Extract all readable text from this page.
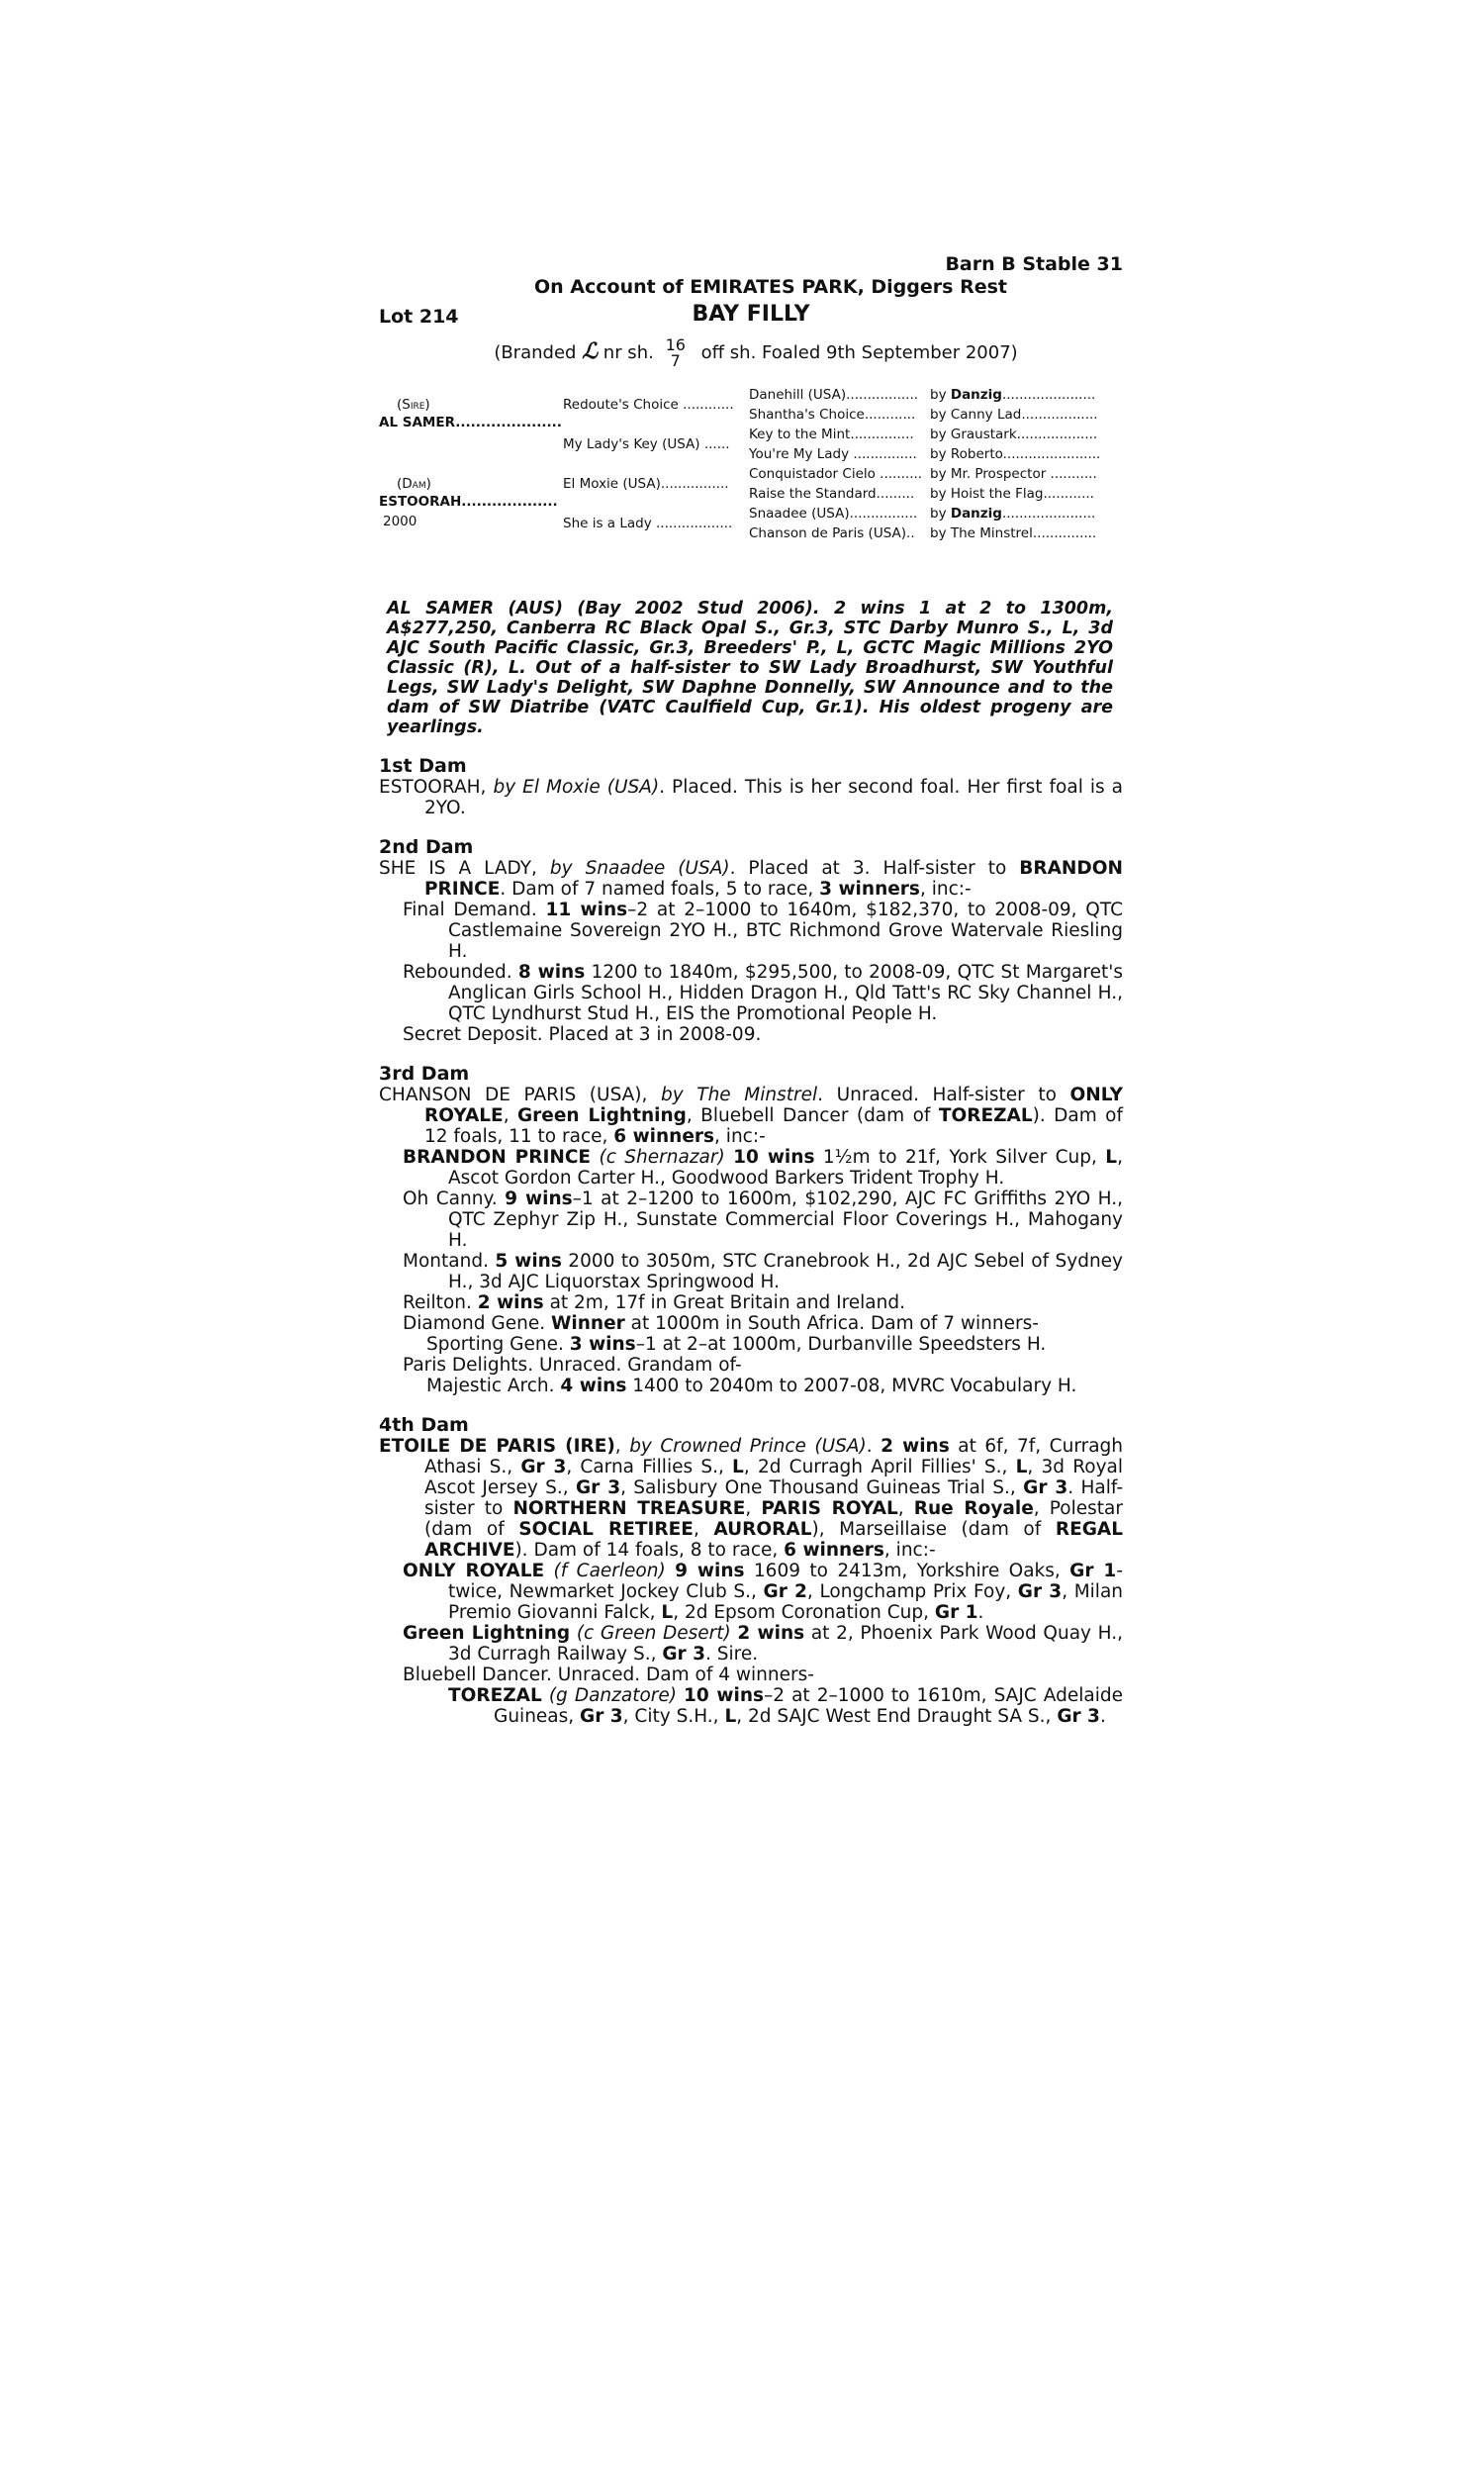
Barn B Stable 31
On Account of EMIRATES PARK, Diggers Rest
Lot 214	BAY FILLY
(Branded ℒ nr sh. 16
7 off sh. Foaled 9th September 2007)
(Sire)
AL SAMER.....................
(Dam)
ESTOORAH...................
2000
Redoute's Choice ............
My Lady's Key (USA) ......
El Moxie (USA)................
She is a Lady ..................
Danehill (USA).................
Shantha's Choice............
Key to the Mint...............
You're My Lady ...............
Conquistador Cielo ..........
Raise the Standard.........
Snaadee (USA)................
Chanson de Paris (USA)..
by Danzig......................
by Canny Lad..................
by Graustark...................
by Roberto.......................
by Mr. Prospector ...........
by Hoist the Flag............
by Danzig......................
by The Minstrel...............
AL SAMER (AUS) (Bay 2002 Stud 2006). 2 wins 1 at 2 to 1300m, A$277,250, Canberra RC Black Opal S., Gr.3, STC Darby Munro S., L, 3d AJC South Pacific Classic, Gr.3, Breeders' P., L, GCTC Magic Millions 2YO Classic (R), L. Out of a half-sister to SW Lady Broadhurst, SW Youthful Legs, SW Lady's Delight, SW Daphne Donnelly, SW Announce and to the dam of SW Diatribe (VATC Caulfield Cup, Gr.1). His oldest progeny are yearlings.
1st Dam

ESTOORAH, by El Moxie (USA). Placed. This is her second foal. Her first foal is a 2YO.

2nd Dam

SHE IS A LADY, by Snaadee (USA). Placed at 3. Half-sister to BRANDON PRINCE. Dam of 7 named foals, 5 to race, 3 winners, inc:-

Final Demand. 11 wins–2 at 2–1000 to 1640m, $182,370, to 2008-09, QTC Castlemaine Sovereign 2YO H., BTC Richmond Grove Watervale Riesling H.

Rebounded. 8 wins 1200 to 1840m, $295,500, to 2008-09, QTC St Margaret's Anglican Girls School H., Hidden Dragon H., Qld Tatt's RC Sky Channel H., QTC Lyndhurst Stud H., EIS the Promotional People H.

Secret Deposit. Placed at 3 in 2008-09.

3rd Dam

CHANSON DE PARIS (USA), by The Minstrel. Unraced. Half-sister to ONLY ROYALE, Green Lightning, Bluebell Dancer (dam of TOREZAL). Dam of 12 foals, 11 to race, 6 winners, inc:-

BRANDON PRINCE (c Shernazar) 10 wins 1½m to 21f, York Silver Cup, L, Ascot Gordon Carter H., Goodwood Barkers Trident Trophy H.

Oh Canny. 9 wins–1 at 2–1200 to 1600m, $102,290, AJC FC Griffiths 2YO H., QTC Zephyr Zip H., Sunstate Commercial Floor Coverings H., Mahogany H.

Montand. 5 wins 2000 to 3050m, STC Cranebrook H., 2d AJC Sebel of Sydney H., 3d AJC Liquorstax Springwood H.

Reilton. 2 wins at 2m, 17f in Great Britain and Ireland.

Diamond Gene. Winner at 1000m in South Africa. Dam of 7 winners-

Sporting Gene. 3 wins–1 at 2–at 1000m, Durbanville Speedsters H.

Paris Delights. Unraced. Grandam of-

Majestic Arch. 4 wins 1400 to 2040m to 2007-08, MVRC Vocabulary H.

4th Dam

ETOILE DE PARIS (IRE), by Crowned Prince (USA). 2 wins at 6f, 7f, Curragh Athasi S., Gr 3, Carna Fillies S., L, 2d Curragh April Fillies' S., L, 3d Royal Ascot Jersey S., Gr 3, Salisbury One Thousand Guineas Trial S., Gr 3. Half-sister to NORTHERN TREASURE, PARIS ROYAL, Rue Royale, Polestar (dam of SOCIAL RETIREE, AURORAL), Marseillaise (dam of REGAL ARCHIVE). Dam of 14 foals, 8 to race, 6 winners, inc:-

ONLY ROYALE (f Caerleon) 9 wins 1609 to 2413m, Yorkshire Oaks, Gr 1-twice, Newmarket Jockey Club S., Gr 2, Longchamp Prix Foy, Gr 3, Milan Premio Giovanni Falck, L, 2d Epsom Coronation Cup, Gr 1.

Green Lightning (c Green Desert) 2 wins at 2, Phoenix Park Wood Quay H., 3d Curragh Railway S., Gr 3. Sire.

Bluebell Dancer. Unraced. Dam of 4 winners-

TOREZAL (g Danzatore) 10 wins–2 at 2–1000 to 1610m, SAJC Adelaide Guineas, Gr 3, City S.H., L, 2d SAJC West End Draught SA S., Gr 3.
